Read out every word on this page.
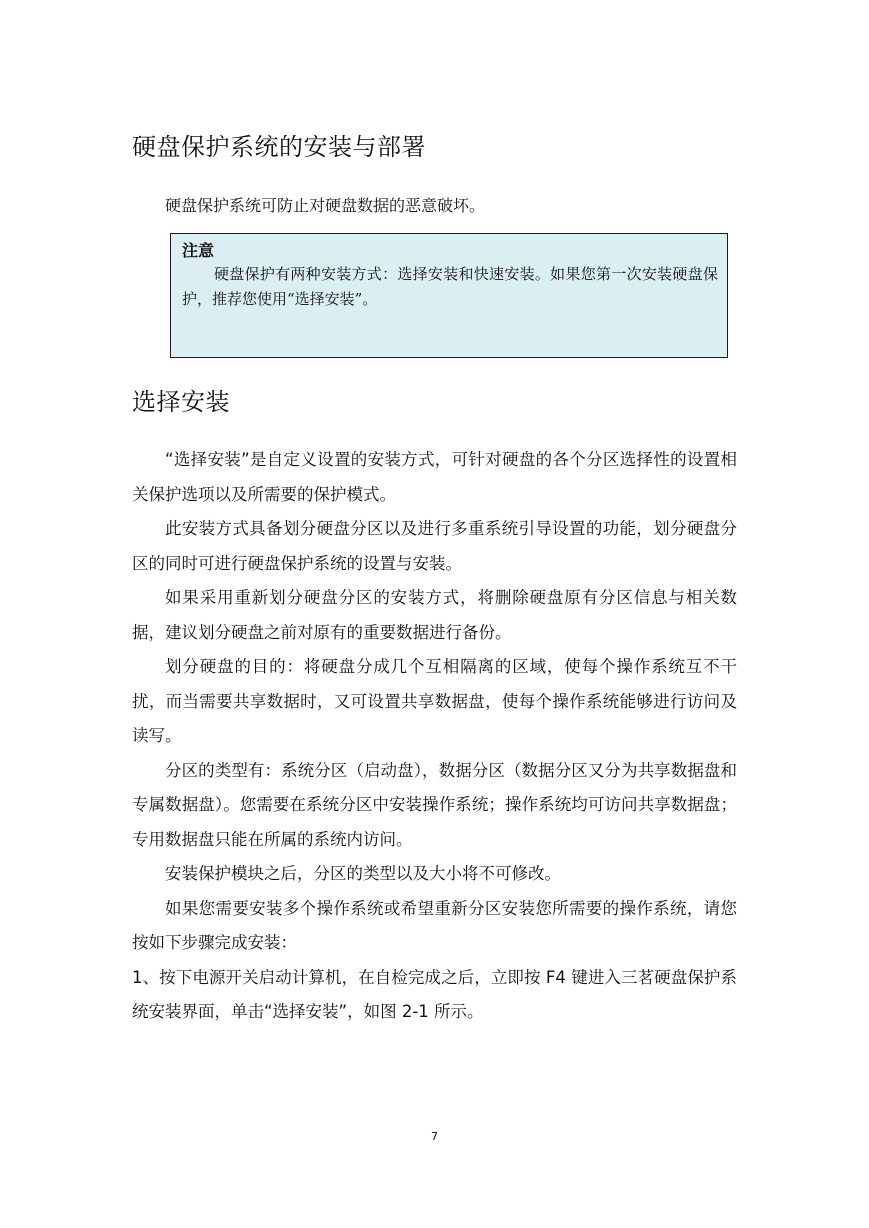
硬盘保护系统的安装与部署
硬盘保护系统可防止对硬盘数据的恶意破坏。
注意
硬盘保护有两种安装方式：选择安装和快速安装。如果您第一次安装硬盘保护，推荐您使用“选择安装”。
选择安装

“选择安装”是自定义设置的安装方式，可针对硬盘的各个分区选择性的设置相关保护选项以及所需要的保护模式。

此安装方式具备划分硬盘分区以及进行多重系统引导设置的功能，划分硬盘分区的同时可进行硬盘保护系统的设置与安装。

如果采用重新划分硬盘分区的安装方式，将删除硬盘原有分区信息与相关数据，建议划分硬盘之前对原有的重要数据进行备份。

划分硬盘的目的：将硬盘分成几个互相隔离的区域，使每个操作系统互不干扰，而当需要共享数据时，又可设置共享数据盘，使每个操作系统能够进行访问及读写。

分区的类型有：系统分区（启动盘），数据分区（数据分区又分为共享数据盘和专属数据盘）。您需要在系统分区中安装操作系统；操作系统均可访问共享数据盘；专用数据盘只能在所属的系统内访问。

安装保护模块之后，分区的类型以及大小将不可修改。

如果您需要安装多个操作系统或希望重新分区安装您所需要的操作系统，请您按如下步骤完成安装：

1、按下电源开关启动计算机，在自检完成之后，立即按 F4 键进入三茗硬盘保护系统安装界面，单击“选择安装”，如图 2-1 所示。

7
